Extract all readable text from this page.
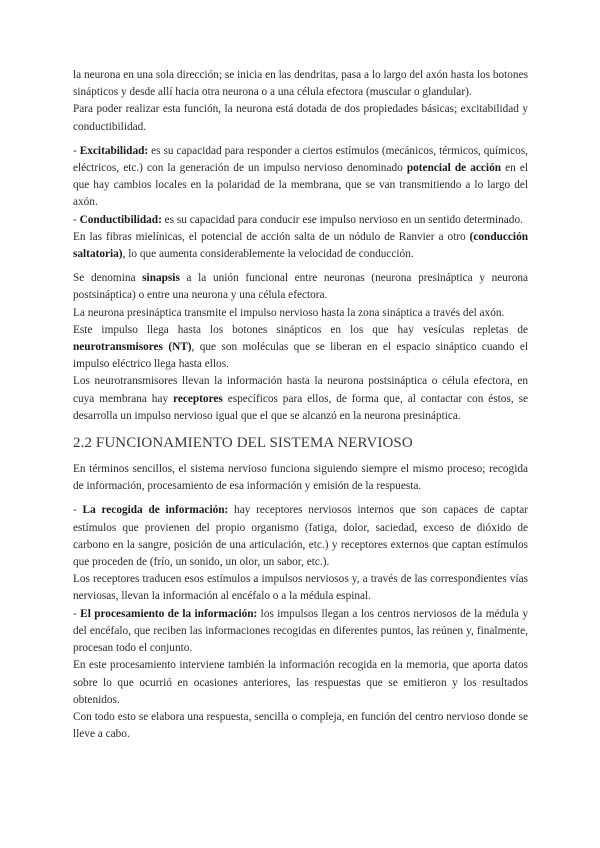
la neurona en una sola dirección; se inicia en las dendritas, pasa a lo largo del axón hasta los botones sinápticos y desde allí hacia otra neurona o a una célula efectora (muscular o glandular).

Para poder realizar esta función, la neurona está dotada de dos propiedades básicas; excitabilidad y conductibilidad.

- Excitabilidad: es su capacidad para responder a ciertos estímulos (mecánicos, térmicos, químicos, eléctricos, etc.) con la generación de un impulso nervioso denominado potencial de acción en el que hay cambios locales en la polaridad de la membrana, que se van transmitiendo a lo largo del axón.

- Conductibilidad: es su capacidad para conducir ese impulso nervioso en un sentido determinado.

En las fibras mielínicas, el potencial de acción salta de un nódulo de Ranvier a otro (conducción saltatoria), lo que aumenta considerablemente la velocidad de conducción.

Se denomina sinapsis a la unión funcional entre neuronas (neurona presináptica y neurona postsináptica) o entre una neurona y una célula efectora.

La neurona presináptica transmite el impulso nervioso hasta la zona sináptica a través del axón.

Este impulso llega hasta los botones sinápticos en los que hay vesículas repletas de neurotransmisores (NT), que son moléculas que se liberan en el espacio sináptico cuando el impulso eléctrico llega hasta ellos.

Los neurotransmisores llevan la información hasta la neurona postsináptica o célula efectora, en cuya membrana hay receptores específicos para ellos, de forma que, al contactar con éstos, se desarrolla un impulso nervioso igual que el que se alcanzó en la neurona presináptica.

2.2 FUNCIONAMIENTO DEL SISTEMA NERVIOSO

En términos sencillos, el sistema nervioso funciona siguiendo siempre el mismo proceso; recogida de información, procesamiento de esa información y emisión de la respuesta.

- La recogida de información: hay receptores nerviosos internos que son capaces de captar estímulos que provienen del propio organismo (fatiga, dolor, saciedad, exceso de dióxido de carbono en la sangre, posición de una articulación, etc.) y receptores externos que captan estímulos que proceden de (frío, un sonido, un olor, un sabor, etc.).

Los receptores traducen esos estímulos a impulsos nerviosos y, a través de las correspondientes vías nerviosas, llevan la información al encéfalo o a la médula espinal.

- El procesamiento de la información: los impulsos llegan a los centros nerviosos de la médula y del encéfalo, que reciben las informaciones recogidas en diferentes puntos, las reúnen y, finalmente, procesan todo el conjunto.

En este procesamiento interviene también la información recogida en la memoria, que aporta datos sobre lo que ocurrió en ocasiones anteriores, las respuestas que se emitieron y los resultados obtenidos.

Con todo esto se elabora una respuesta, sencilla o compleja, en función del centro nervioso donde se lleve a cabo.
